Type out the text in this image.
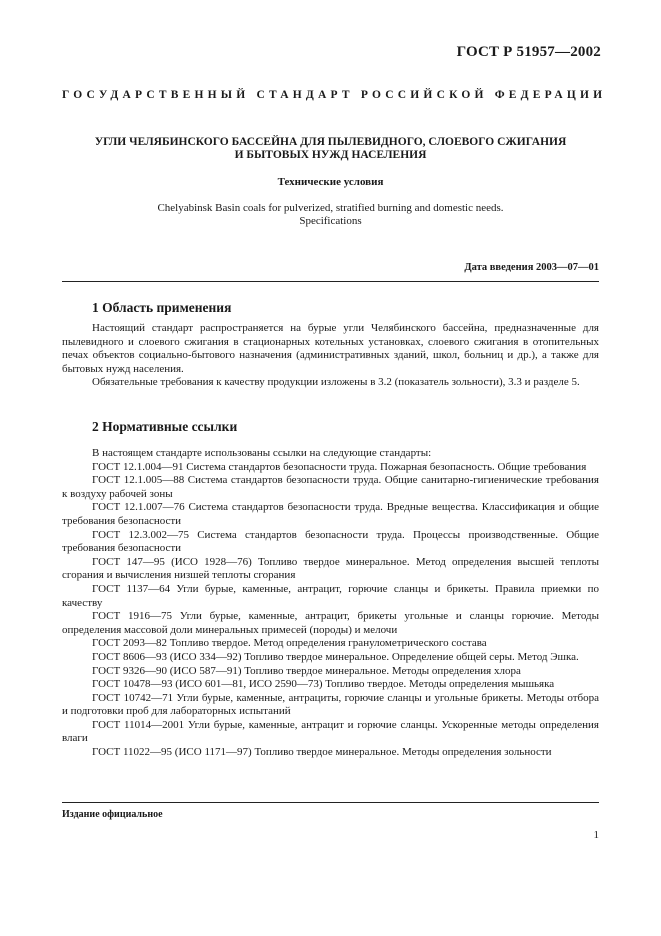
ГОСТ Р 51957—2002
ГОСУДАРСТВЕННЫЙ СТАНДАРТ РОССИЙСКОЙ ФЕДЕРАЦИИ
УГЛИ ЧЕЛЯБИНСКОГО БАССЕЙНА ДЛЯ ПЫЛЕВИДНОГО, СЛОЕВОГО СЖИГАНИЯ
И БЫТОВЫХ НУЖД НАСЕЛЕНИЯ
Технические условия
Chelyabinsk Basin coals for pulverized, stratified burning and domestic needs.
Specifications
Дата введения 2003—07—01
1 Область применения

Настоящий стандарт распространяется на бурые угли Челябинского бассейна, предназначенные для пылевидного и слоевого сжигания в стационарных котельных установках, слоевого сжигания в отопительных печах объектов социально-бытового назначения (административных зданий, школ, больниц и др.), а также для бытовых нужд населения.

Обязательные требования к качеству продукции изложены в 3.2 (показатель зольности), 3.3 и разделе 5.

2 Нормативные ссылки

В настоящем стандарте использованы ссылки на следующие стандарты:

ГОСТ 12.1.004—91 Система стандартов безопасности труда. Пожарная безопасность. Общие требования

ГОСТ 12.1.005—88 Система стандартов безопасности труда. Общие санитарно-гигиенические требования к воздуху рабочей зоны

ГОСТ 12.1.007—76 Система стандартов безопасности труда. Вредные вещества. Классификация и общие требования безопасности

ГОСТ 12.3.002—75 Система стандартов безопасности труда. Процессы производственные. Общие требования безопасности

ГОСТ 147—95 (ИСО 1928—76) Топливо твердое минеральное. Метод определения высшей теплоты сгорания и вычисления низшей теплоты сгорания

ГОСТ 1137—64 Угли бурые, каменные, антрацит, горючие сланцы и брикеты. Правила приемки по качеству

ГОСТ 1916—75 Угли бурые, каменные, антрацит, брикеты угольные и сланцы горючие. Методы определения массовой доли минеральных примесей (породы) и мелочи

ГОСТ 2093—82 Топливо твердое. Метод определения гранулометрического состава

ГОСТ 8606—93 (ИСО 334—92) Топливо твердое минеральное. Определение общей серы. Метод Эшка.

ГОСТ 9326—90 (ИСО 587—91) Топливо твердое минеральное. Методы определения хлора

ГОСТ 10478—93 (ИСО 601—81, ИСО 2590—73) Топливо твердое. Методы определения мышьяка

ГОСТ 10742—71 Угли бурые, каменные, антрациты, горючие сланцы и угольные брикеты. Методы отбора и подготовки проб для лабораторных испытаний

ГОСТ 11014—2001 Угли бурые, каменные, антрацит и горючие сланцы. Ускоренные методы определения влаги

ГОСТ 11022—95 (ИСО 1171—97) Топливо твердое минеральное. Методы определения зольности

Издание официальное
1
